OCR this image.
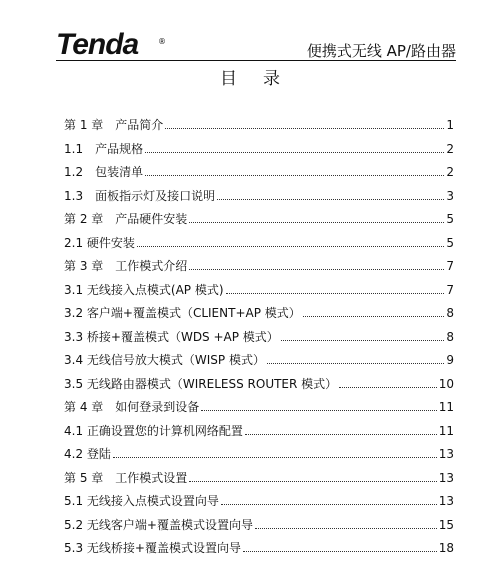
Tenda ®
便携式无线 AP/路由器
目录
第 1 章　产品简介	1
1.1　产品规格	2
1.2　包装清单	2
1.3　面板指示灯及接口说明	3
第 2 章　产品硬件安装	5
2.1 硬件安装	5
第 3 章　工作模式介绍	7
3.1 无线接入点模式(AP 模式)	7
3.2 客户端+覆盖模式（CLIENT+AP 模式）	8
3.3 桥接+覆盖模式（WDS +AP 模式）	8
3.4 无线信号放大模式（WISP 模式）	9
3.5 无线路由器模式（WIRELESS ROUTER 模式）	10
第 4 章　如何登录到设备	11
4.1 正确设置您的计算机网络配置	11
4.2 登陆	13
第 5 章　工作模式设置	13
5.1 无线接入点模式设置向导	13
5.2 无线客户端+覆盖模式设置向导	15
5.3 无线桥接+覆盖模式设置向导	18
